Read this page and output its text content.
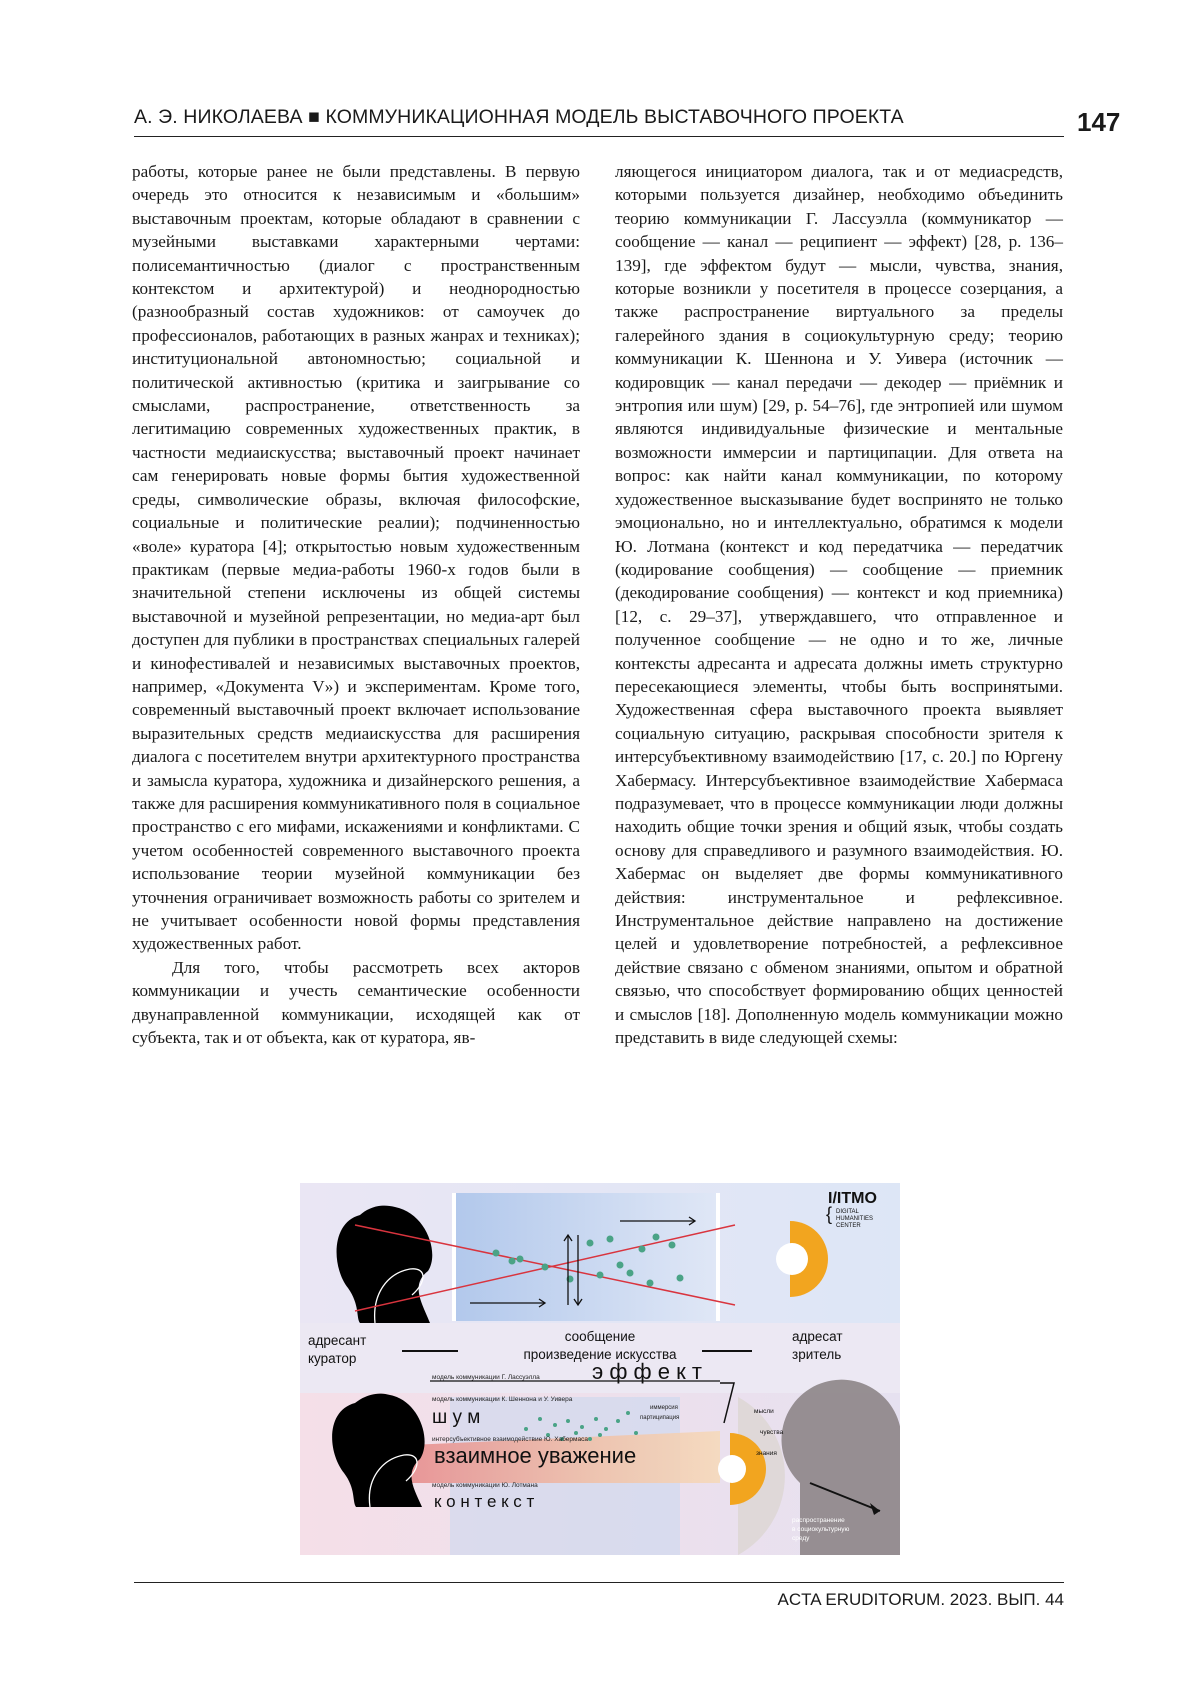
А. Э. НИКОЛАЕВА ■ КОММУНИКАЦИОННАЯ МОДЕЛЬ ВЫСТАВОЧНОГО ПРОЕКТА	147

работы, которые ранее не были представлены. В первую очередь это относится к независимым и «большим» выставочным проектам, которые обладают в сравнении с музейными выставками характерными чертами: полисемантичностью (диалог с пространственным контекстом и архитектурой) и неоднородностью (разнообразный состав художников: от самоучек до профессионалов, работающих в разных жанрах и техниках); институциональной автономностью; социальной и политической активностью (критика и заигрывание со смыслами, распространение, ответственность за легитимацию современных художественных практик, в частности медиаискусства; выставочный проект начинает сам генерировать новые формы бытия художественной среды, символические образы, включая философские, социальные и политические реалии); подчиненностью «воле» куратора [4]; открытостью новым художественным практикам (первые медиа-работы 1960-х годов были в значительной степени исключены из общей системы выставочной и музейной репрезентации, но медиа-арт был доступен для публики в пространствах специальных галерей и кинофестивалей и независимых выставочных проектов, например, «Документа V») и экспериментам. Кроме того, современный выставочный проект включает использование выразительных средств медиаискусства для расширения диалога с посетителем внутри архитектурного пространства и замысла куратора, художника и дизайнерского решения, а также для расширения коммуникативного поля в социальное пространство с его мифами, искажениями и конфликтами. С учетом особенностей современного выставочного проекта использование теории музейной коммуникации без уточнения ограничивает возможность работы со зрителем и не учитывает особенности новой формы представления художественных работ.

Для того, чтобы рассмотреть всех акторов коммуникации и учесть семантические особенности двунаправленной коммуникации, исходящей как от субъекта, так и от объекта, как от куратора, яв-

ляющегося инициатором диалога, так и от медиасредств, которыми пользуется дизайнер, необходимо объединить теорию коммуникации Г. Лассуэлла (коммуникатор — сообщение — канал — реципиент — эффект) [28, p. 136–139], где эффектом будут — мысли, чувства, знания, которые возникли у посетителя в процессе созерцания, а также распространение виртуального за пределы галерейного здания в социокультурную среду; теорию коммуникации К. Шеннона и У. Уивера (источник — кодировщик — канал передачи — декодер — приёмник и энтропия или шум) [29, p. 54–76], где энтропией или шумом являются индивидуальные физические и ментальные возможности иммерсии и партиципации. Для ответа на вопрос: как найти канал коммуникации, по которому художественное высказывание будет воспринято не только эмоционально, но и интеллектуально, обратимся к модели Ю. Лотмана (контекст и код передатчика — передатчик (кодирование сообщения) — сообщение — приемник (декодирование сообщения) — контекст и код приемника) [12, с. 29–37], утверждавшего, что отправленное и полученное сообщение — не одно и то же, личные контексты адресанта и адресата должны иметь структурно пересекающиеся элементы, чтобы быть воспринятыми. Художественная сфера выставочного проекта выявляет социальную ситуацию, раскрывая способности зрителя к интерсубъективному взаимодействию [17, с. 20.] по Юргену Хабермасу. Интерсубъективное взаимодействие Хабермаса подразумевает, что в процессе коммуникации люди должны находить общие точки зрения и общий язык, чтобы создать основу для справедливого и разумного взаимодействия. Ю. Хабермас он выделяет две формы коммуникативного действия: инструментальное и рефлексивное. Инструментальное действие направлено на достижение целей и удовлетворение потребностей, а рефлексивное действие связано с обменом знаниями, опытом и обратной связью, что способствует формированию общих ценностей и смыслов [18]. Дополненную модель коммуникации можно представить в виде следующей схемы:

I/ITMO
{ DIGITAL
HUMANITIES
CENTER
адресант
куратор
сообщение
произведение искусства
адресат
зритель
модель коммуникации Г. Лассуэлла э ф ф е к т
модель коммуникации К. Шеннона и У. Уивера
ш у м	иммерсия
партиципация
интерсубъективное взаимодействие Ю. Хабермаса
взаимное уважение
модель коммуникации Ю. Лотмана
к о н т е к с т
мысли
чувства
знания
распространение
в социокультурную
среду
ACTA ERUDITORUM. 2023. ВЫП. 44
